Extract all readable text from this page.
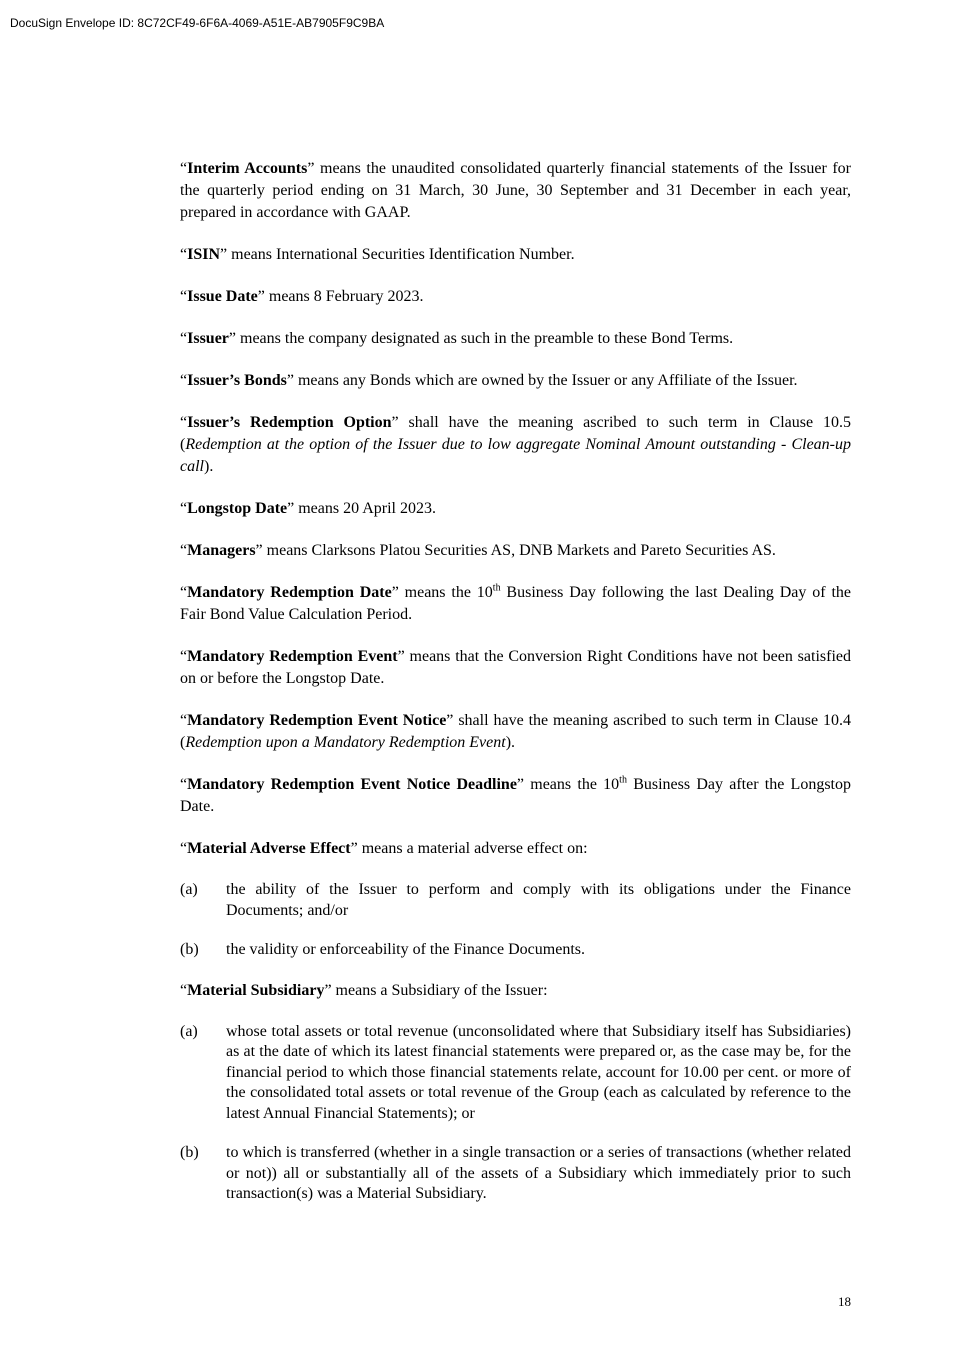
DocuSign Envelope ID: 8C72CF49-6F6A-4069-A51E-AB7905F9C9BA

“Interim Accounts” means the unaudited consolidated quarterly financial statements of the Issuer for the quarterly period ending on 31 March, 30 June, 30 September and 31 December in each year, prepared in accordance with GAAP.

“ISIN” means International Securities Identification Number.

“Issue Date” means 8 February 2023.

“Issuer” means the company designated as such in the preamble to these Bond Terms.

“Issuer’s Bonds” means any Bonds which are owned by the Issuer or any Affiliate of the Issuer.

“Issuer’s Redemption Option” shall have the meaning ascribed to such term in Clause 10.5 (Redemption at the option of the Issuer due to low aggregate Nominal Amount outstanding - Clean-up call).

“Longstop Date” means 20 April 2023.

“Managers” means Clarksons Platou Securities AS, DNB Markets and Pareto Securities AS.

“Mandatory Redemption Date” means the 10th Business Day following the last Dealing Day of the Fair Bond Value Calculation Period.

“Mandatory Redemption Event” means that the Conversion Right Conditions have not been satisfied on or before the Longstop Date.

“Mandatory Redemption Event Notice” shall have the meaning ascribed to such term in Clause 10.4 (Redemption upon a Mandatory Redemption Event).

“Mandatory Redemption Event Notice Deadline” means the 10th Business Day after the Longstop Date.

“Material Adverse Effect” means a material adverse effect on:

(a)	the ability of the Issuer to perform and comply with its obligations under the Finance Documents; and/or
(b)	the validity or enforceability of the Finance Documents.

“Material Subsidiary” means a Subsidiary of the Issuer:

(a)	whose total assets or total revenue (unconsolidated where that Subsidiary itself has Subsidiaries) as at the date of which its latest financial statements were prepared or, as the case may be, for the financial period to which those financial statements relate, account for 10.00 per cent. or more of the consolidated total assets or total revenue of the Group (each as calculated by reference to the latest Annual Financial Statements); or
(b)	to which is transferred (whether in a single transaction or a series of transactions (whether related or not)) all or substantially all of the assets of a Subsidiary which immediately prior to such transaction(s) was a Material Subsidiary.
18
